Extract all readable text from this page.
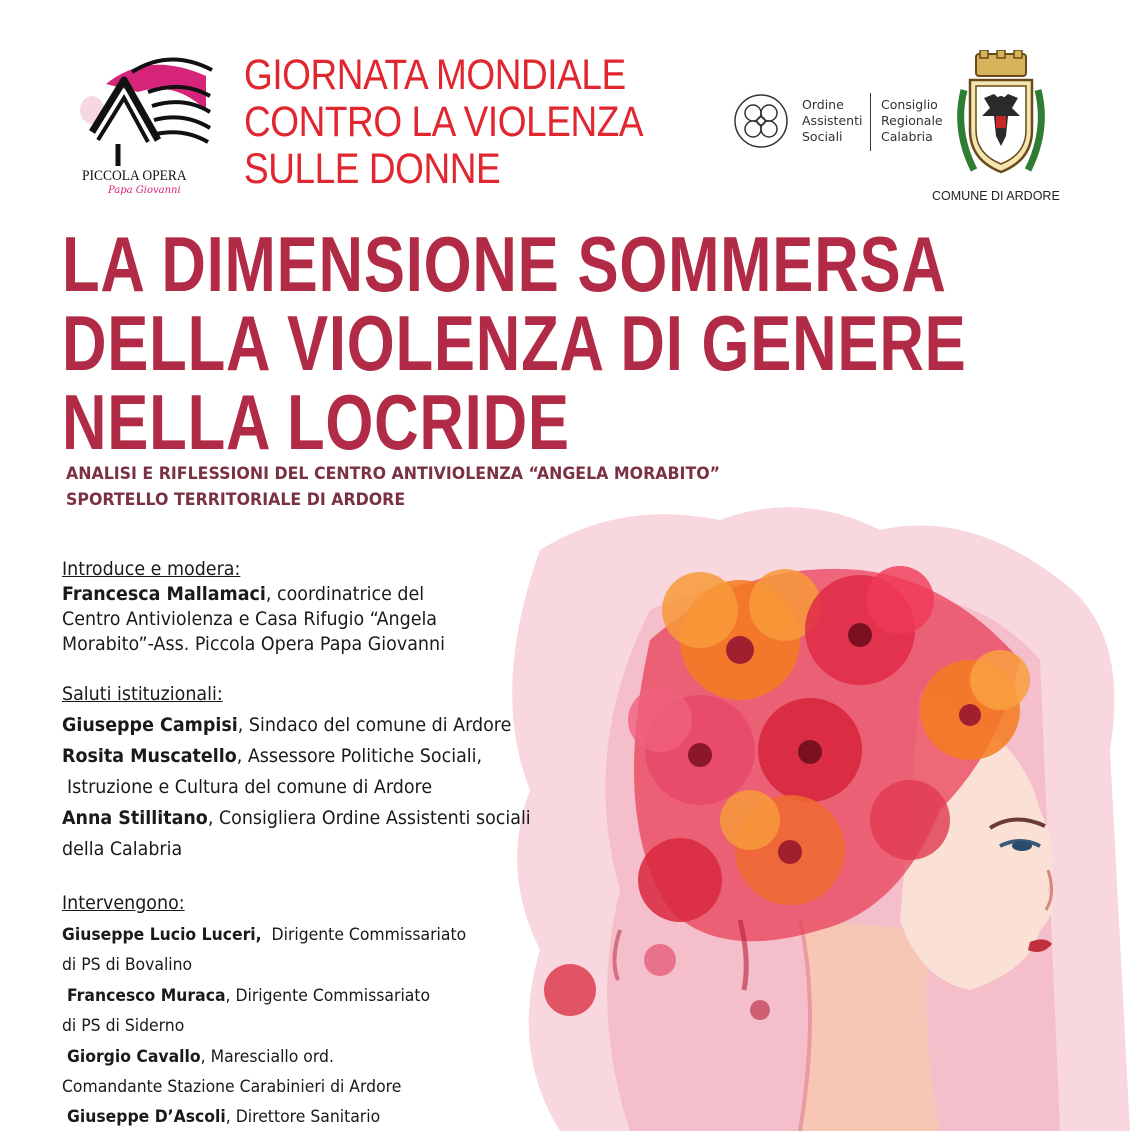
PICCOLA OPERA
Papa Giovanni
GIORNATA MONDIALE
CONTRO LA VIOLENZA
SULLE DONNE
Ordine
Assistenti
Sociali
Consiglio
Regionale
Calabria
COMUNE DI ARDORE
LA DIMENSIONE SOMMERSA
DELLA VIOLENZA DI GENERE
NELLA LOCRIDE
ANALISI E RIFLESSIONI DEL CENTRO ANTIVIOLENZA “ANGELA MORABITO”
SPORTELLO TERRITORIALE DI ARDORE
Introduce e modera:
Francesca Mallamaci, coordinatrice del
Centro Antiviolenza e Casa Rifugio “Angela
Morabito”-Ass. Piccola Opera Papa Giovanni
Saluti istituzionali:
Giuseppe Campisi, Sindaco del comune di Ardore
Rosita Muscatello, Assessore Politiche Sociali,
Istruzione e Cultura del comune di Ardore
Anna Stillitano, Consigliera Ordine Assistenti sociali
della Calabria
Intervengono:
Giuseppe Lucio Luceri,  Dirigente Commissariato
di PS di Bovalino
Francesco Muraca, Dirigente Commissariato
di PS di Siderno
Giorgio Cavallo, Maresciallo ord.
Comandante Stazione Carabinieri di Ardore
Giuseppe D’Ascoli, Direttore Sanitario
